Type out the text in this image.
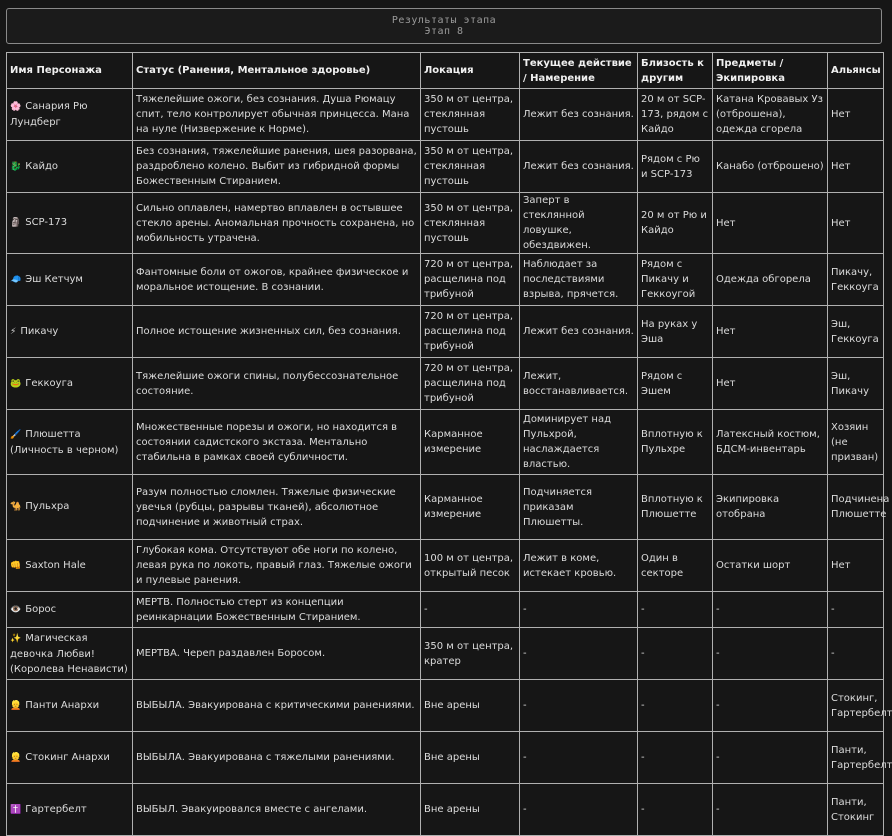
Результаты этапа
Этап 8
Имя Персонажа	Статус (Ранения, Ментальное здоровье)	Локация	Текущее действие / Намерение	Близость к другим	Предметы / Экипировка	Альянсы
🌸 Санария Рю Лундберг	Тяжелейшие ожоги, без сознания. Душа Рюмацу спит, тело контролирует обычная принцесса. Мана на нуле (Низвержение к Норме).	350 м от центра, стеклянная пустошь	Лежит без сознания.	20 м от SCP-173, рядом с Кайдо	Катана Кровавых Уз (отброшена), одежда сгорела	Нет
🐉 Кайдо	Без сознания, тяжелейшие ранения, шея разорвана, раздроблено колено. Выбит из гибридной формы Божественным Стиранием.	350 м от центра, стеклянная пустошь	Лежит без сознания.	Рядом с Рю и SCP-173	Канабо (отброшено)	Нет
🗿 SCP-173	Сильно оплавлен, намертво вплавлен в остывшее стекло арены. Аномальная прочность сохранена, но мобильность утрачена.	350 м от центра, стеклянная пустошь	Заперт в стеклянной ловушке, обездвижен.	20 м от Рю и Кайдо	Нет	Нет
🧢 Эш Кетчум	Фантомные боли от ожогов, крайнее физическое и моральное истощение. В сознании.	720 м от центра, расщелина под трибуной	Наблюдает за последствиями взрыва, прячется.	Рядом с Пикачу и Геккоугой	Одежда обгорела	Пикачу, Геккоуга
⚡ Пикачу	Полное истощение жизненных сил, без сознания.	720 м от центра, расщелина под трибуной	Лежит без сознания.	На руках у Эша	Нет	Эш, Геккоуга
🐸 Геккоуга	Тяжелейшие ожоги спины, полубессознательное состояние.	720 м от центра, расщелина под трибуной	Лежит, восстанавливается.	Рядом с Эшем	Нет	Эш, Пикачу
🖌️ Плюшетта (Личность в черном)	Множественные порезы и ожоги, но находится в состоянии садистского экстаза. Ментально стабильна в рамках своей субличности.	Карманное измерение	Доминирует над Пульхрой, наслаждается властью.	Вплотную к Пульхре	Латексный костюм, БДСМ-инвентарь	Хозяин (не призван)
🐪 Пульхра	Разум полностью сломлен. Тяжелые физические увечья (рубцы, разрывы тканей), абсолютное подчинение и животный страх.	Карманное измерение	Подчиняется приказам Плюшетты.	Вплотную к Плюшетте	Экипировка отобрана	Подчинена Плюшетте
👊 Saxton Hale	Глубокая кома. Отсутствуют обе ноги по колено, левая рука по локоть, правый глаз. Тяжелые ожоги и пулевые ранения.	100 м от центра, открытый песок	Лежит в коме, истекает кровью.	Один в секторе	Остатки шорт	Нет
👁️ Борос	МЕРТВ. Полностью стерт из концепции реинкарнации Божественным Стиранием.	-	-	-	-	-
✨ Магическая девочка Любви! (Королева Ненависти)	МЕРТВА. Череп раздавлен Боросом.	350 м от центра, кратер	-	-	-	-
👱 Панти Анархи	ВЫБЫЛА. Эвакуирована с критическими ранениями.	Вне арены	-	-	-	Стокинг, Гартербелт
👱 Стокинг Анархи	ВЫБЫЛА. Эвакуирована с тяжелыми ранениями.	Вне арены	-	-	-	Панти, Гартербелт
✝️ Гартербелт	ВЫБЫЛ. Эвакуировался вместе с ангелами.	Вне арены	-	-	-	Панти, Стокинг
